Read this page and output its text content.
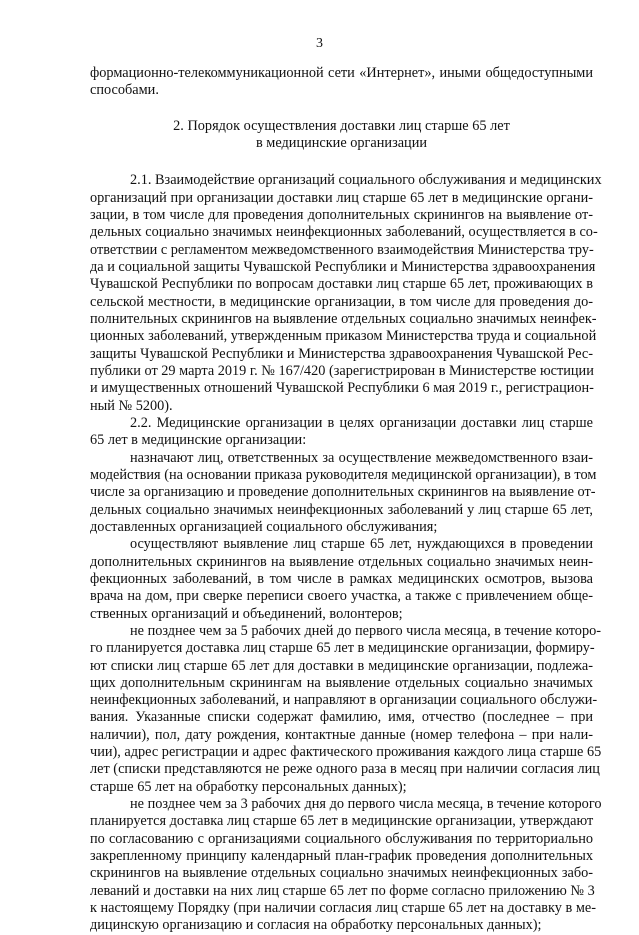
3
формационно-телекоммуникационной сети «Интернет», иными общедоступными
способами.
2. Порядок осуществления доставки лиц старше 65 лет
в медицинские организации
2.1. Взаимодействие организаций социального обслуживания и медицинских
организаций при организации доставки лиц старше 65 лет в медицинские органи-
зации, в том числе для проведения дополнительных скринингов на выявление от-
дельных социально значимых неинфекционных заболеваний, осуществляется в со-
ответствии с регламентом межведомственного взаимодействия Министерства тру-
да и социальной защиты Чувашской Республики и Министерства здравоохранения
Чувашской Республики по вопросам доставки лиц старше 65 лет, проживающих в
сельской местности, в медицинские организации, в том числе для проведения до-
полнительных скринингов на выявление отдельных социально значимых неинфек-
ционных заболеваний, утвержденным приказом Министерства труда и социальной
защиты Чувашской Республики и Министерства здравоохранения Чувашской Рес-
публики от 29 марта 2019 г. № 167/420 (зарегистрирован в Министерстве юстиции
и имущественных отношений Чувашской Республики 6 мая 2019 г., регистрацион-
ный № 5200).
2.2. Медицинские организации в целях организации доставки лиц старше
65 лет в медицинские организации:
назначают лиц, ответственных за осуществление межведомственного взаи-
модействия (на основании приказа руководителя медицинской организации), в том
числе за организацию и проведение дополнительных скринингов на выявление от-
дельных социально значимых неинфекционных заболеваний у лиц старше 65 лет,
доставленных организацией социального обслуживания;
осуществляют выявление лиц старше 65 лет, нуждающихся в проведении
дополнительных скринингов на выявление отдельных социально значимых неин-
фекционных заболеваний, в том числе в рамках медицинских осмотров, вызова
врача на дом, при сверке переписи своего участка, а также с привлечением обще-
ственных организаций и объединений, волонтеров;
не позднее чем за 5 рабочих дней до первого числа месяца, в течение которо-
го планируется доставка лиц старше 65 лет в медицинские организации, формиру-
ют списки лиц старше 65 лет для доставки в медицинские организации, подлежа-
щих дополнительным скринингам на выявление отдельных социально значимых
неинфекционных заболеваний, и направляют в организации социального обслужи-
вания. Указанные списки содержат фамилию, имя, отчество (последнее – при
наличии), пол, дату рождения, контактные данные (номер телефона – при нали-
чии), адрес регистрации и адрес фактического проживания каждого лица старше 65
лет (списки представляются не реже одного раза в месяц при наличии согласия лиц
старше 65 лет на обработку персональных данных);
не позднее чем за 3 рабочих дня до первого числа месяца, в течение которого
планируется доставка лиц старше 65 лет в медицинские организации, утверждают
по согласованию с организациями социального обслуживания по территориально
закрепленному принципу календарный план-график проведения дополнительных
скринингов на выявление отдельных социально значимых неинфекционных забо-
леваний и доставки на них лиц старше 65 лет по форме согласно приложению № 3
к настоящему Порядку (при наличии согласия лиц старше 65 лет на доставку в ме-
дицинскую организацию и согласия на обработку персональных данных);
